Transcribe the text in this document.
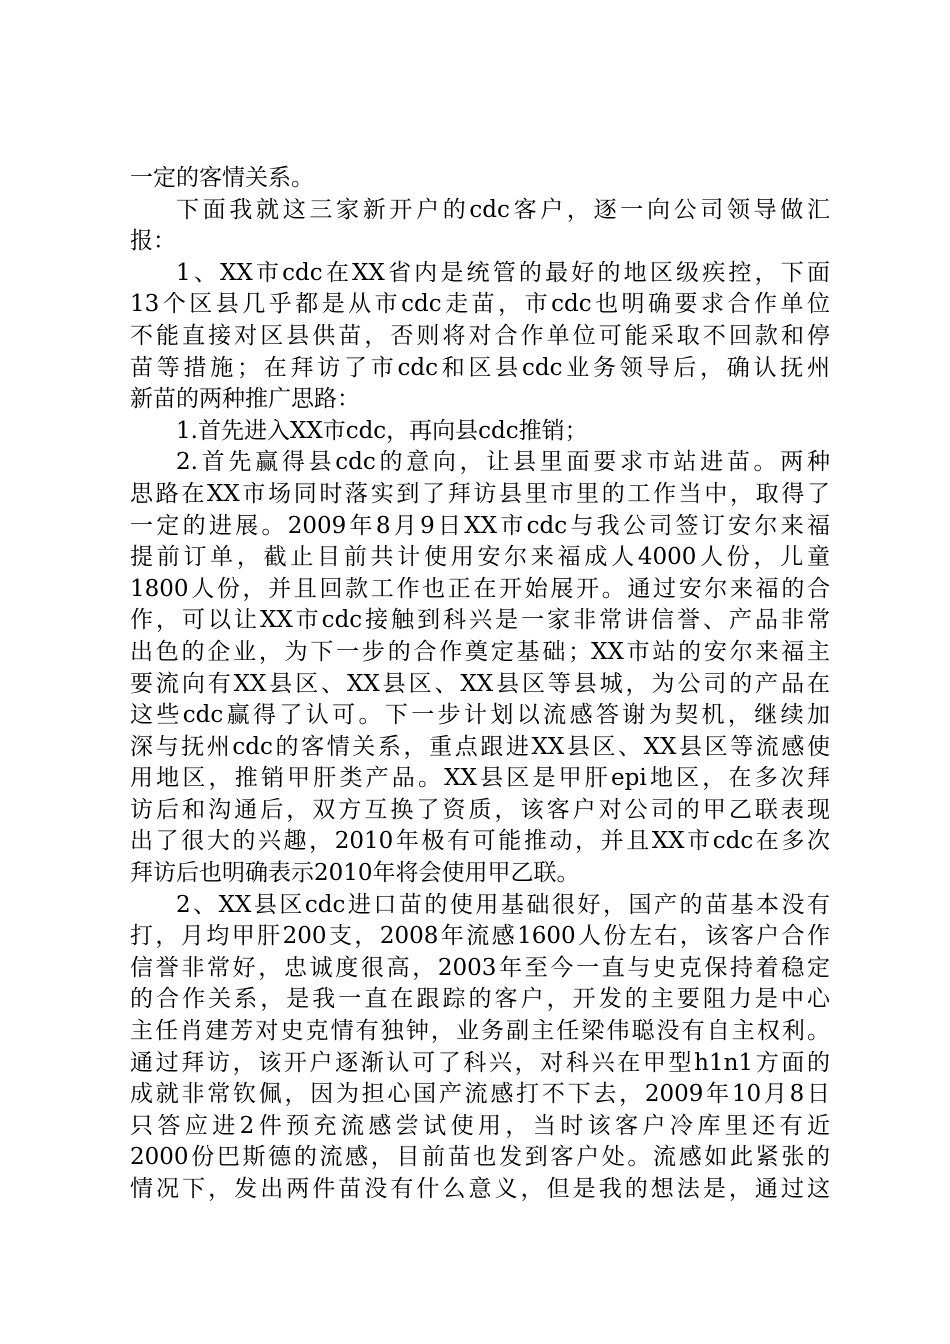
一定的客情关系。
下面我就这三家新开户的cdc客户，逐一向公司领导做汇
报：
1、XX市cdc在XX省内是统管的最好的地区级疾控，下面
13个区县几乎都是从市cdc走苗，市cdc也明确要求合作单位
不能直接对区县供苗，否则将对合作单位可能采取不回款和停
苗等措施；在拜访了市cdc和区县cdc业务领导后，确认抚州
新苗的两种推广思路：
1.首先进入XX市cdc，再向县cdc推销；
2.首先赢得县cdc的意向，让县里面要求市站进苗。两种
思路在XX市场同时落实到了拜访县里市里的工作当中，取得了
一定的进展。2009年8月9日XX市cdc与我公司签订安尔来福
提前订单，截止目前共计使用安尔来福成人4000人份，儿童
1800人份，并且回款工作也正在开始展开。通过安尔来福的合
作，可以让XX市cdc接触到科兴是一家非常讲信誉、产品非常
出色的企业，为下一步的合作奠定基础；XX市站的安尔来福主
要流向有XX县区、XX县区、XX县区等县城，为公司的产品在
这些cdc赢得了认可。下一步计划以流感答谢为契机，继续加
深与抚州cdc的客情关系，重点跟进XX县区、XX县区等流感使
用地区，推销甲肝类产品。XX县区是甲肝epi地区，在多次拜
访后和沟通后，双方互换了资质，该客户对公司的甲乙联表现
出了很大的兴趣，2010年极有可能推动，并且XX市cdc在多次
拜访后也明确表示2010年将会使用甲乙联。
2、XX县区cdc进口苗的使用基础很好，国产的苗基本没有
打，月均甲肝200支，2008年流感1600人份左右，该客户合作
信誉非常好，忠诚度很高，2003年至今一直与史克保持着稳定
的合作关系，是我一直在跟踪的客户，开发的主要阻力是中心
主任肖建芳对史克情有独钟，业务副主任梁伟聪没有自主权利。
通过拜访，该开户逐渐认可了科兴，对科兴在甲型h1n1方面的
成就非常钦佩，因为担心国产流感打不下去，2009年10月8日
只答应进2件预充流感尝试使用，当时该客户冷库里还有近
2000份巴斯德的流感，目前苗也发到客户处。流感如此紧张的
情况下，发出两件苗没有什么意义，但是我的想法是，通过这
